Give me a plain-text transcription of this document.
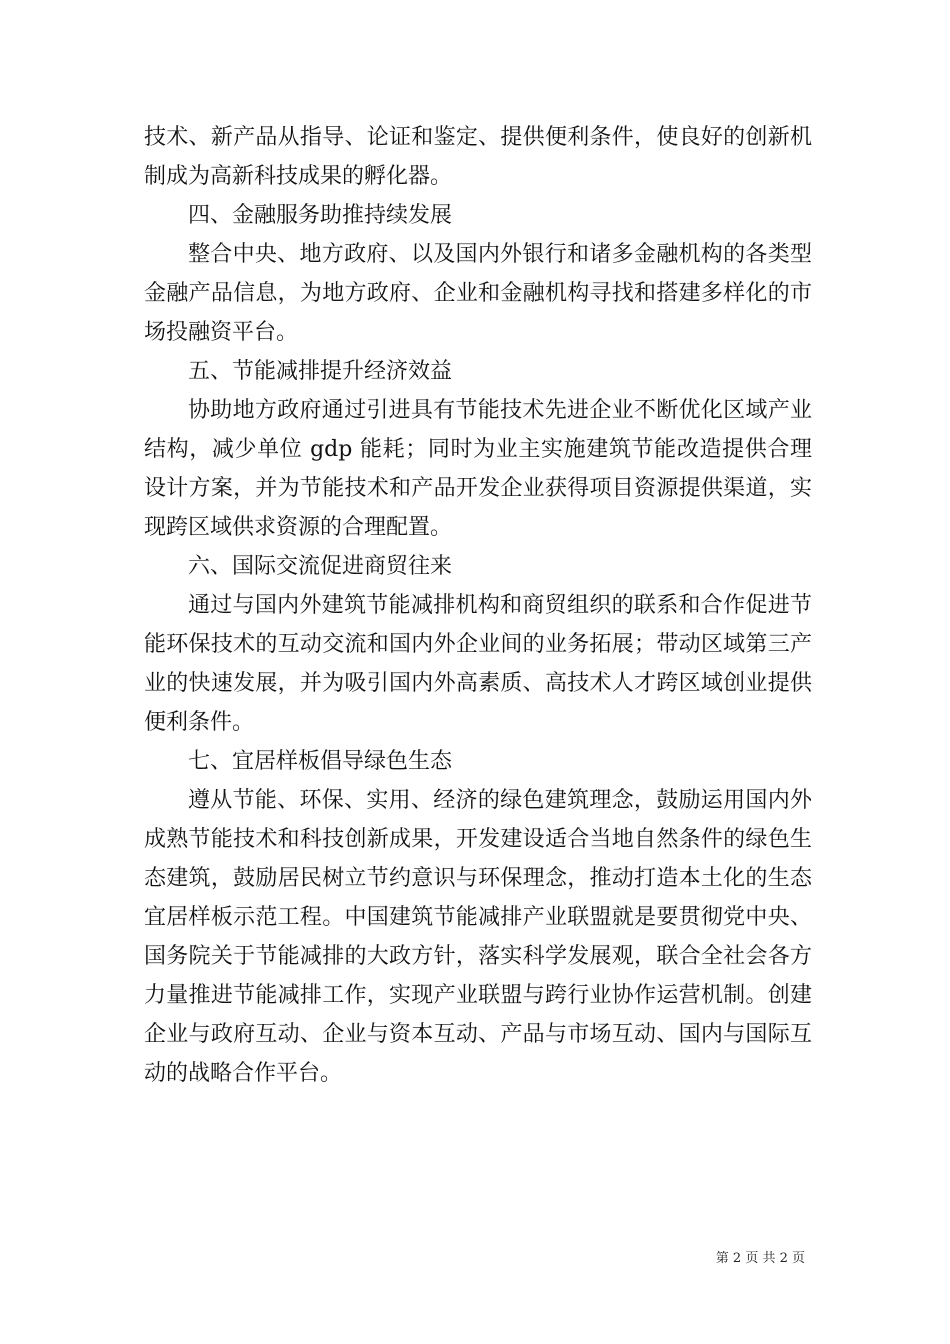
技术、新产品从指导、论证和鉴定、提供便利条件，使良好的创新机制成为高新科技成果的孵化器。

四、金融服务助推持续发展

整合中央、地方政府、以及国内外银行和诸多金融机构的各类型金融产品信息，为地方政府、企业和金融机构寻找和搭建多样化的市场投融资平台。

五、节能减排提升经济效益

协助地方政府通过引进具有节能技术先进企业不断优化区域产业结构，减少单位 gdp 能耗；同时为业主实施建筑节能改造提供合理设计方案，并为节能技术和产品开发企业获得项目资源提供渠道，实现跨区域供求资源的合理配置。

六、国际交流促进商贸往来

通过与国内外建筑节能减排机构和商贸组织的联系和合作促进节能环保技术的互动交流和国内外企业间的业务拓展；带动区域第三产业的快速发展，并为吸引国内外高素质、高技术人才跨区域创业提供便利条件。

七、宜居样板倡导绿色生态

遵从节能、环保、实用、经济的绿色建筑理念，鼓励运用国内外成熟节能技术和科技创新成果，开发建设适合当地自然条件的绿色生态建筑，鼓励居民树立节约意识与环保理念，推动打造本土化的生态宜居样板示范工程。中国建筑节能减排产业联盟就是要贯彻党中央、国务院关于节能减排的大政方针，落实科学发展观，联合全社会各方力量推进节能减排工作，实现产业联盟与跨行业协作运营机制。创建企业与政府互动、企业与资本互动、产品与市场互动、国内与国际互动的战略合作平台。

第 2 页 共 2 页
